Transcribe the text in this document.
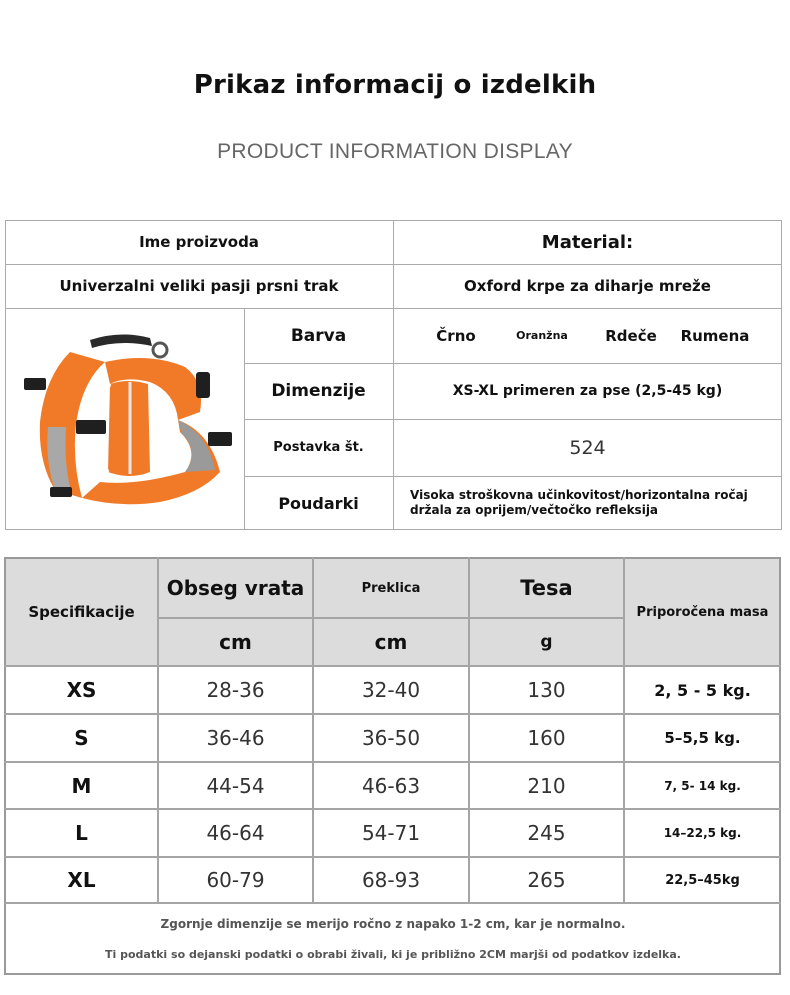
Prikaz informacij o izdelkih
PRODUCT INFORMATION DISPLAY
Ime proizvoda	Material:
Univerzalni veliki pasji prsni trak	Oxford krpe za diharje mreže
Barva	Črno	Oranžna	Rdeče	Rumena
Dimenzije	XS-XL primeren za pse (2,5-45 kg)
Postavka št.	524
Poudarki	Visoka stroškovna učinkovitost/horizontalna ročaj držala za oprijem/večtočko refleksija
Specifikacije
Obseg vrata	Preklica	Tesa
Priporočena masa
cm	cm	g
XS	28-36	32-40	130	2, 5 - 5 kg.
S	36-46	36-50	160	5–5,5 kg.
M	44-54	46-63	210	7, 5- 14 kg.
L	46-64	54-71	245	14–22,5 kg.
XL	60-79	68-93	265	22,5–45kg
Zgornje dimenzije se merijo ročno z napako 1-2 cm, kar je normalno.
Ti podatki so dejanski podatki o obrabi živali, ki je približno 2CM marjši od podatkov izdelka.
